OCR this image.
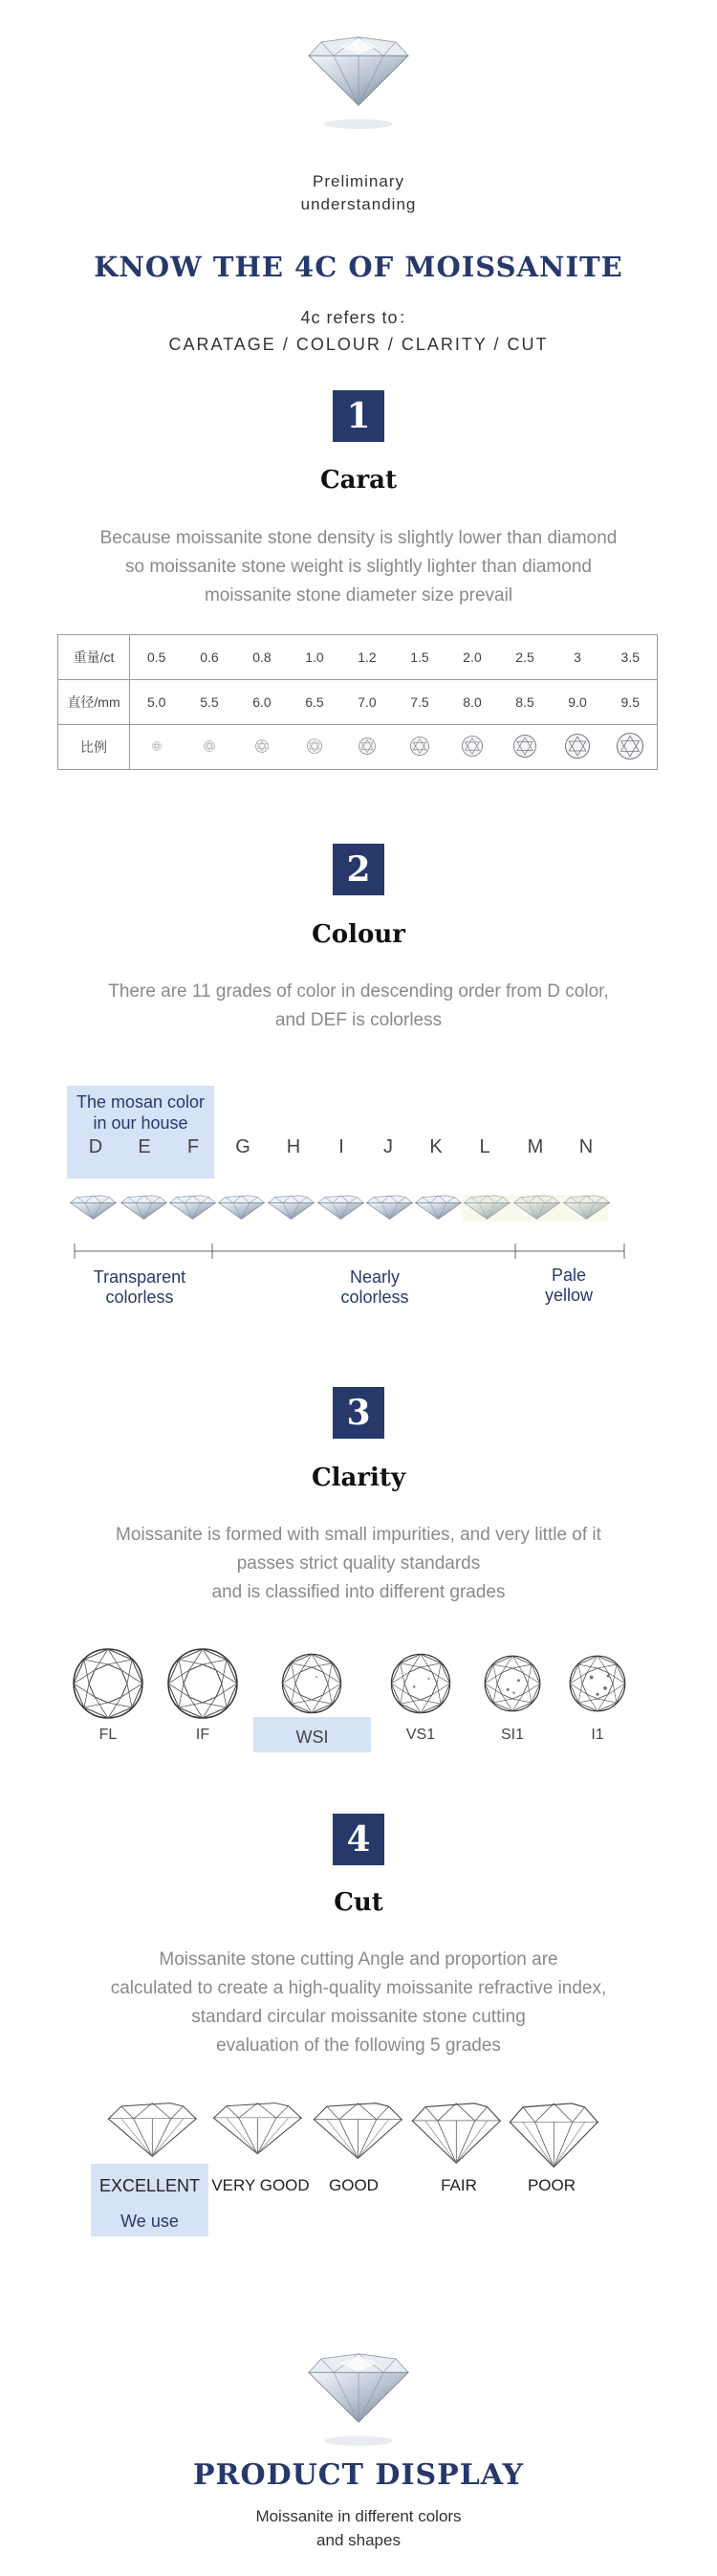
Preliminary
understanding
KNOW THE 4C OF MOISSANITE
4c refers to：
CARATAGE / COLOUR / CLARITY / CUT
1
Carat
Because moissanite stone density is slightly lower than diamond
so moissanite stone weight is slightly lighter than diamond
moissanite stone diameter size prevail
重量/ct	0.5	0.6	0.8	1.0	1.2	1.5	2.0	2.5	3	3.5
直径/mm	5.0	5.5	6.0	6.5	7.0	7.5	8.0	8.5	9.0	9.5
比例										
2
Colour
There are 11 grades of color in descending order from D color,
and DEF is colorless
The mosan color
in our house
D	E	F	G	H	I	J	K	L	M	N
Transparent
colorless
Nearly
colorless
Pale
yellow
3
Clarity
Moissanite is formed with small impurities, and very little of it
passes strict quality standards
and is classified into different grades
FL	IF	WSI	VS1	SI1	I1
4
Cut
Moissanite stone cutting Angle and proportion are
calculated to create a high-quality moissanite refractive index,
standard circular moissanite stone cutting
evaluation of the following 5 grades
EXCELLENT VERY GOOD	GOOD	FAIR	POOR
We use
PRODUCT DISPLAY
Moissanite in different colors
and shapes
